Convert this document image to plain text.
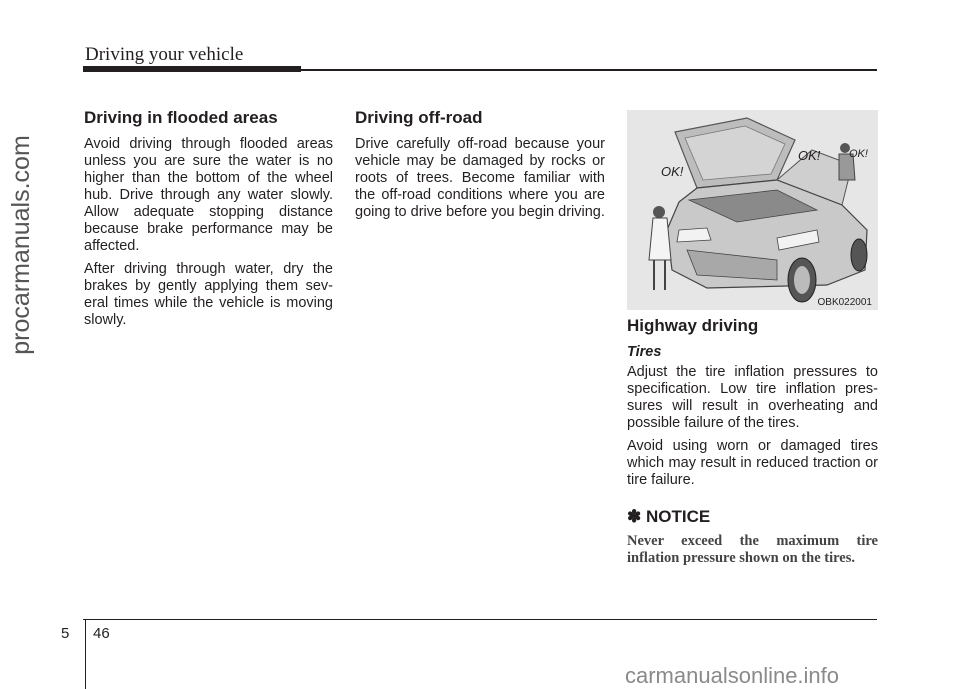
Driving your vehicle
procarmanuals.com
Driving in flooded areas

Avoid driving through flooded areas unless you are sure the water is no higher than the bottom of the wheel hub. Drive through any water slowly. Allow adequate stopping distance because brake performance may be affected.

After driving through water, dry the brakes by gently applying them sev-eral times while the vehicle is moving slowly.

Driving off-road

Drive carefully off-road because your vehicle may be damaged by rocks or roots of trees. Become familiar with the off-road conditions where you are going to drive before you begin driving.

OK!
OK!	OK!
OBK022001
Highway driving
Tires

Adjust the tire inflation pressures to specification. Low tire inflation pres-sures will result in overheating and possible failure of the tires.

Avoid using worn or damaged tires which may result in reduced traction or tire failure.

✽ NOTICE

Never exceed the maximum tire inflation pressure shown on the tires.

5 46
carmanualsonline.info
